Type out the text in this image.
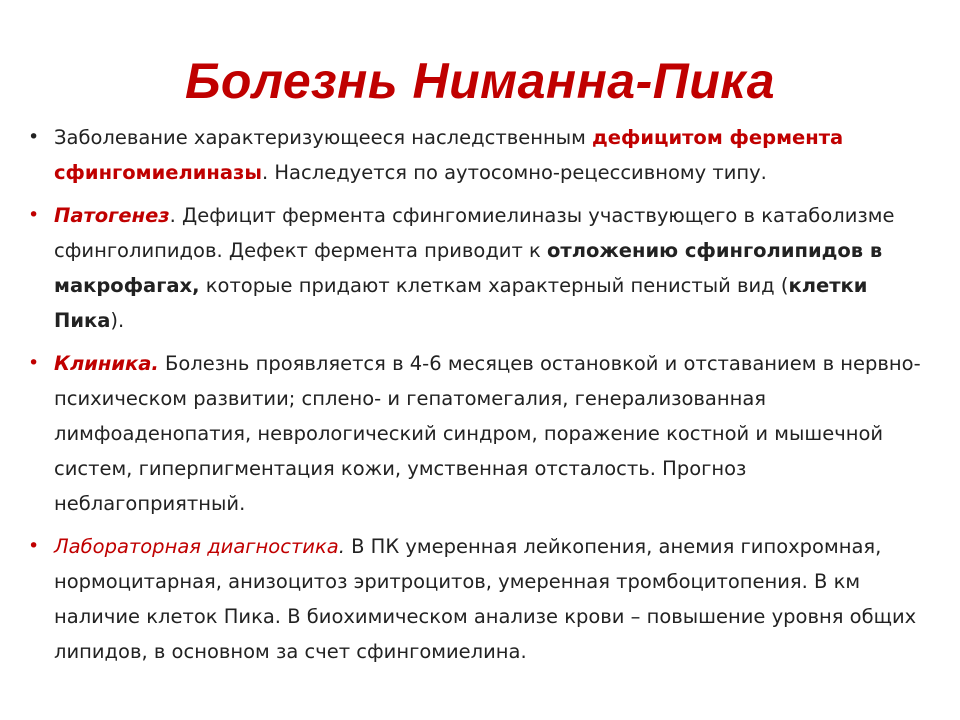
Болезнь Ниманна-Пика
• Заболевание характеризующееся наследственным дефицитом фермента сфингомиелиназы. Наследуется по аутосомно-рецессивному типу.
• Патогенез. Дефицит фермента сфингомиелиназы участвующего в катаболизме сфинголипидов. Дефект фермента приводит к отложению сфинголипидов в макрофагах, которые придают клеткам характерный пенистый вид (клетки Пика).
• Клиника. Болезнь проявляется в 4-6 месяцев остановкой и отставанием в нервно-психическом развитии; сплено- и гепатомегалия, генерализованная лимфоаденопатия, неврологический синдром, поражение костной и мышечной систем, гиперпигментация кожи, умственная отсталость. Прогноз неблагоприятный.
• Лабораторная диагностика. В ПК умеренная лейкопения, анемия гипохромная, нормоцитарная, анизоцитоз эритроцитов, умеренная тромбоцитопения. В км наличие клеток Пика. В биохимическом анализе крови – повышение уровня общих липидов, в основном за счет сфингомиелина.
